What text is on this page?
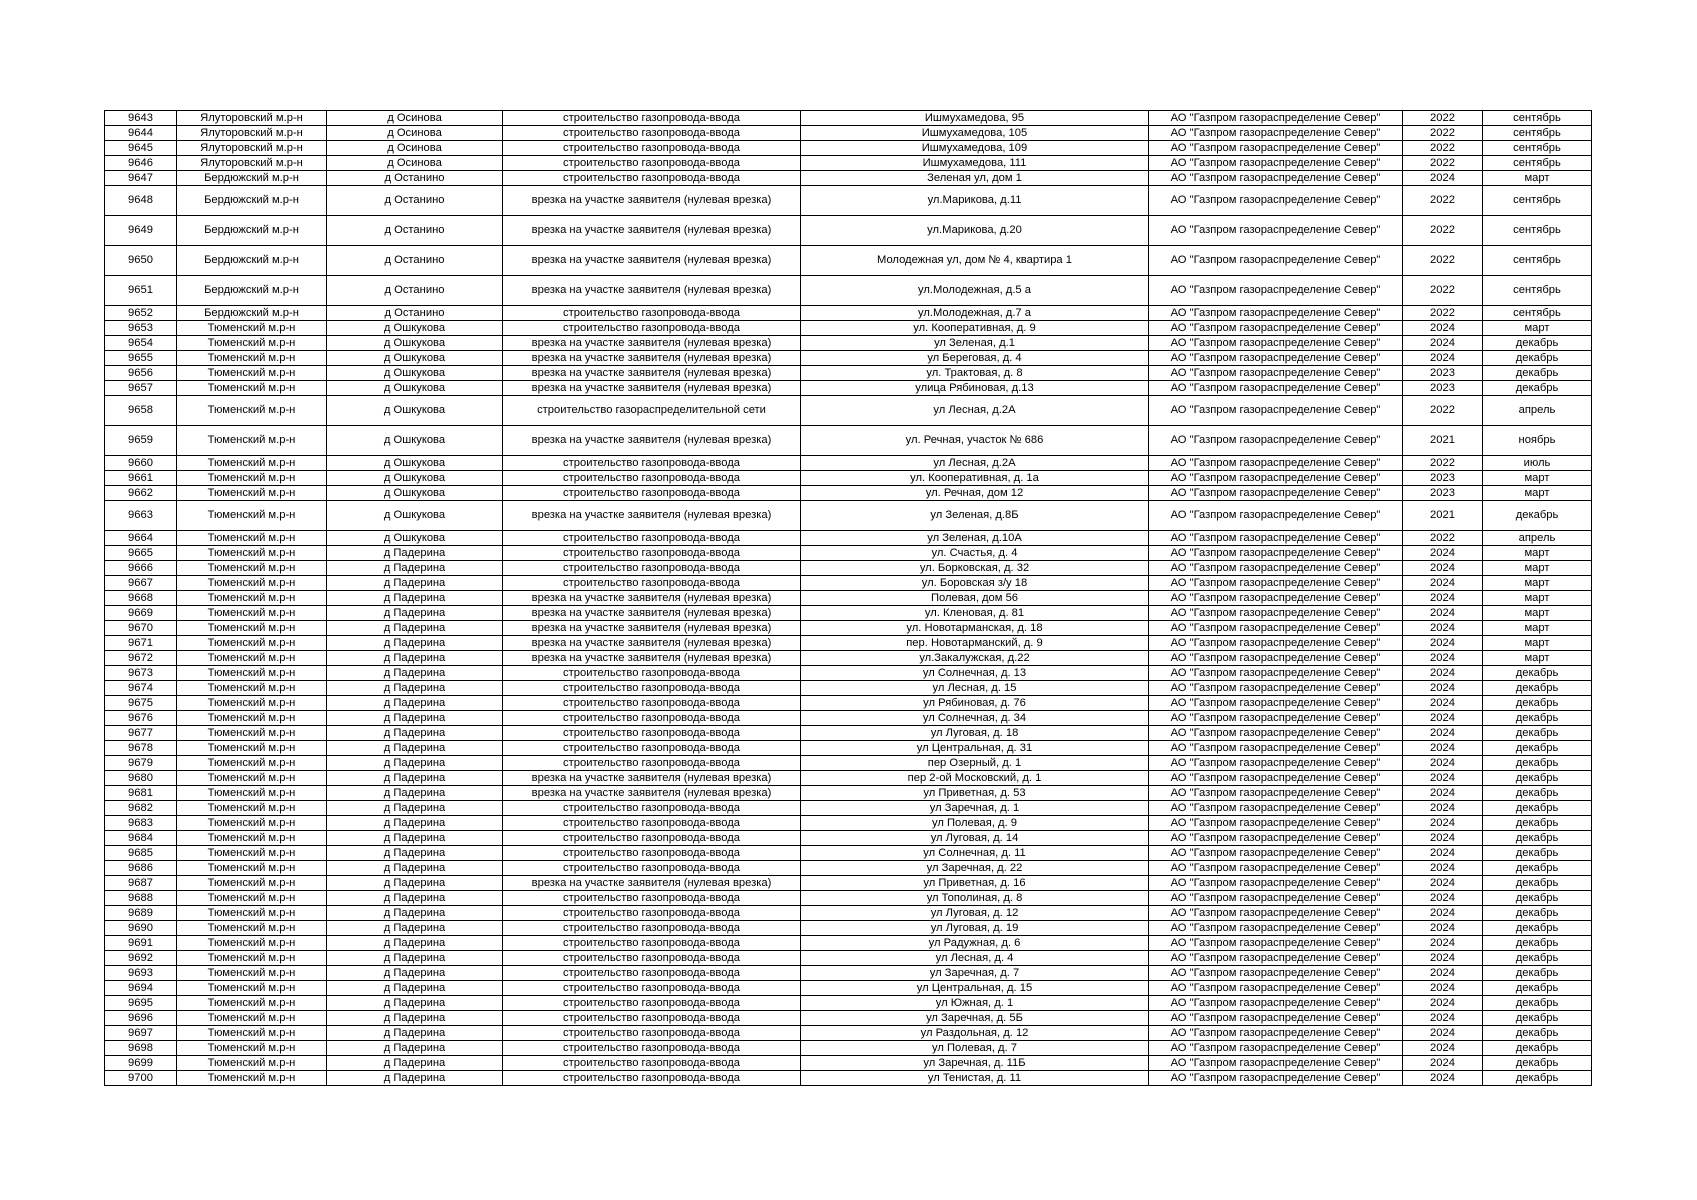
9643	Ялуторовский м.р-н	д Осинова	строительство газопровода-ввода	Ишмухамедова, 95	АО "Газпром газораспределение Север"	2022	сентябрь
9644	Ялуторовский м.р-н	д Осинова	строительство газопровода-ввода	Ишмухамедова, 105	АО "Газпром газораспределение Север"	2022	сентябрь
9645	Ялуторовский м.р-н	д Осинова	строительство газопровода-ввода	Ишмухамедова, 109	АО "Газпром газораспределение Север"	2022	сентябрь
9646	Ялуторовский м.р-н	д Осинова	строительство газопровода-ввода	Ишмухамедова, 111	АО "Газпром газораспределение Север"	2022	сентябрь
9647	Бердюжский м.р-н	д Останино	строительство газопровода-ввода	Зеленая ул, дом 1	АО "Газпром газораспределение Север"	2024	март
9648	Бердюжский м.р-н	д Останино	врезка на участке заявителя (нулевая врезка)	ул.Марикова, д.11	АО "Газпром газораспределение Север"	2022	сентябрь
9649	Бердюжский м.р-н	д Останино	врезка на участке заявителя (нулевая врезка)	ул.Марикова, д.20	АО "Газпром газораспределение Север"	2022	сентябрь
9650	Бердюжский м.р-н	д Останино	врезка на участке заявителя (нулевая врезка)	Молодежная ул, дом № 4, квартира 1	АО "Газпром газораспределение Север"	2022	сентябрь
9651	Бердюжский м.р-н	д Останино	врезка на участке заявителя (нулевая врезка)	ул.Молодежная, д.5 а	АО "Газпром газораспределение Север"	2022	сентябрь
9652	Бердюжский м.р-н	д Останино	строительство газопровода-ввода	ул.Молодежная, д.7 а	АО "Газпром газораспределение Север"	2022	сентябрь
9653	Тюменский м.р-н	д Ошкукова	строительство газопровода-ввода	ул. Кооперативная, д. 9	АО "Газпром газораспределение Север"	2024	март
9654	Тюменский м.р-н	д Ошкукова	врезка на участке заявителя (нулевая врезка)	ул Зеленая, д.1	АО "Газпром газораспределение Север"	2024	декабрь
9655	Тюменский м.р-н	д Ошкукова	врезка на участке заявителя (нулевая врезка)	ул Береговая, д. 4	АО "Газпром газораспределение Север"	2024	декабрь
9656	Тюменский м.р-н	д Ошкукова	врезка на участке заявителя (нулевая врезка)	ул. Трактовая, д. 8	АО "Газпром газораспределение Север"	2023	декабрь
9657	Тюменский м.р-н	д Ошкукова	врезка на участке заявителя (нулевая врезка)	улица Рябиновая, д.13	АО "Газпром газораспределение Север"	2023	декабрь
9658	Тюменский м.р-н	д Ошкукова	строительство газораспределительной сети	ул Лесная, д.2А	АО "Газпром газораспределение Север"	2022	апрель
9659	Тюменский м.р-н	д Ошкукова	врезка на участке заявителя (нулевая врезка)	ул. Речная, участок № 686	АО "Газпром газораспределение Север"	2021	ноябрь
9660	Тюменский м.р-н	д Ошкукова	строительство газопровода-ввода	ул Лесная, д.2А	АО "Газпром газораспределение Север"	2022	июль
9661	Тюменский м.р-н	д Ошкукова	строительство газопровода-ввода	ул. Кооперативная, д. 1а	АО "Газпром газораспределение Север"	2023	март
9662	Тюменский м.р-н	д Ошкукова	строительство газопровода-ввода	ул. Речная, дом 12	АО "Газпром газораспределение Север"	2023	март
9663	Тюменский м.р-н	д Ошкукова	врезка на участке заявителя (нулевая врезка)	ул Зеленая, д.8Б	АО "Газпром газораспределение Север"	2021	декабрь
9664	Тюменский м.р-н	д Ошкукова	строительство газопровода-ввода	ул Зеленая, д.10А	АО "Газпром газораспределение Север"	2022	апрель
9665	Тюменский м.р-н	д Падерина	строительство газопровода-ввода	ул. Счастья, д. 4	АО "Газпром газораспределение Север"	2024	март
9666	Тюменский м.р-н	д Падерина	строительство газопровода-ввода	ул. Борковская, д. 32	АО "Газпром газораспределение Север"	2024	март
9667	Тюменский м.р-н	д Падерина	строительство газопровода-ввода	ул. Боровская з/у 18	АО "Газпром газораспределение Север"	2024	март
9668	Тюменский м.р-н	д Падерина	врезка на участке заявителя (нулевая врезка)	Полевая, дом 56	АО "Газпром газораспределение Север"	2024	март
9669	Тюменский м.р-н	д Падерина	врезка на участке заявителя (нулевая врезка)	ул. Кленовая, д. 81	АО "Газпром газораспределение Север"	2024	март
9670	Тюменский м.р-н	д Падерина	врезка на участке заявителя (нулевая врезка)	ул. Новотарманская, д. 18	АО "Газпром газораспределение Север"	2024	март
9671	Тюменский м.р-н	д Падерина	врезка на участке заявителя (нулевая врезка)	пер. Новотарманский, д. 9	АО "Газпром газораспределение Север"	2024	март
9672	Тюменский м.р-н	д Падерина	врезка на участке заявителя (нулевая врезка)	ул.Закалужская, д.22	АО "Газпром газораспределение Север"	2024	март
9673	Тюменский м.р-н	д Падерина	строительство газопровода-ввода	ул Солнечная, д. 13	АО "Газпром газораспределение Север"	2024	декабрь
9674	Тюменский м.р-н	д Падерина	строительство газопровода-ввода	ул Лесная, д. 15	АО "Газпром газораспределение Север"	2024	декабрь
9675	Тюменский м.р-н	д Падерина	строительство газопровода-ввода	ул Рябиновая, д. 76	АО "Газпром газораспределение Север"	2024	декабрь
9676	Тюменский м.р-н	д Падерина	строительство газопровода-ввода	ул Солнечная, д. 34	АО "Газпром газораспределение Север"	2024	декабрь
9677	Тюменский м.р-н	д Падерина	строительство газопровода-ввода	ул Луговая, д. 18	АО "Газпром газораспределение Север"	2024	декабрь
9678	Тюменский м.р-н	д Падерина	строительство газопровода-ввода	ул Центральная, д. 31	АО "Газпром газораспределение Север"	2024	декабрь
9679	Тюменский м.р-н	д Падерина	строительство газопровода-ввода	пер Озерный, д. 1	АО "Газпром газораспределение Север"	2024	декабрь
9680	Тюменский м.р-н	д Падерина	врезка на участке заявителя (нулевая врезка)	пер 2-ой Московский, д. 1	АО "Газпром газораспределение Север"	2024	декабрь
9681	Тюменский м.р-н	д Падерина	врезка на участке заявителя (нулевая врезка)	ул Приветная, д. 53	АО "Газпром газораспределение Север"	2024	декабрь
9682	Тюменский м.р-н	д Падерина	строительство газопровода-ввода	ул Заречная, д. 1	АО "Газпром газораспределение Север"	2024	декабрь
9683	Тюменский м.р-н	д Падерина	строительство газопровода-ввода	ул Полевая, д. 9	АО "Газпром газораспределение Север"	2024	декабрь
9684	Тюменский м.р-н	д Падерина	строительство газопровода-ввода	ул Луговая, д. 14	АО "Газпром газораспределение Север"	2024	декабрь
9685	Тюменский м.р-н	д Падерина	строительство газопровода-ввода	ул Солнечная, д. 11	АО "Газпром газораспределение Север"	2024	декабрь
9686	Тюменский м.р-н	д Падерина	строительство газопровода-ввода	ул Заречная, д. 22	АО "Газпром газораспределение Север"	2024	декабрь
9687	Тюменский м.р-н	д Падерина	врезка на участке заявителя (нулевая врезка)	ул Приветная, д. 16	АО "Газпром газораспределение Север"	2024	декабрь
9688	Тюменский м.р-н	д Падерина	строительство газопровода-ввода	ул Тополиная, д. 8	АО "Газпром газораспределение Север"	2024	декабрь
9689	Тюменский м.р-н	д Падерина	строительство газопровода-ввода	ул Луговая, д. 12	АО "Газпром газораспределение Север"	2024	декабрь
9690	Тюменский м.р-н	д Падерина	строительство газопровода-ввода	ул Луговая, д. 19	АО "Газпром газораспределение Север"	2024	декабрь
9691	Тюменский м.р-н	д Падерина	строительство газопровода-ввода	ул Радужная, д. 6	АО "Газпром газораспределение Север"	2024	декабрь
9692	Тюменский м.р-н	д Падерина	строительство газопровода-ввода	ул Лесная, д. 4	АО "Газпром газораспределение Север"	2024	декабрь
9693	Тюменский м.р-н	д Падерина	строительство газопровода-ввода	ул Заречная, д. 7	АО "Газпром газораспределение Север"	2024	декабрь
9694	Тюменский м.р-н	д Падерина	строительство газопровода-ввода	ул Центральная, д. 15	АО "Газпром газораспределение Север"	2024	декабрь
9695	Тюменский м.р-н	д Падерина	строительство газопровода-ввода	ул Южная, д. 1	АО "Газпром газораспределение Север"	2024	декабрь
9696	Тюменский м.р-н	д Падерина	строительство газопровода-ввода	ул Заречная, д. 5Б	АО "Газпром газораспределение Север"	2024	декабрь
9697	Тюменский м.р-н	д Падерина	строительство газопровода-ввода	ул Раздольная, д. 12	АО "Газпром газораспределение Север"	2024	декабрь
9698	Тюменский м.р-н	д Падерина	строительство газопровода-ввода	ул Полевая, д. 7	АО "Газпром газораспределение Север"	2024	декабрь
9699	Тюменский м.р-н	д Падерина	строительство газопровода-ввода	ул Заречная, д. 11Б	АО "Газпром газораспределение Север"	2024	декабрь
9700	Тюменский м.р-н	д Падерина	строительство газопровода-ввода	ул Тенистая, д. 11	АО "Газпром газораспределение Север"	2024	декабрь
